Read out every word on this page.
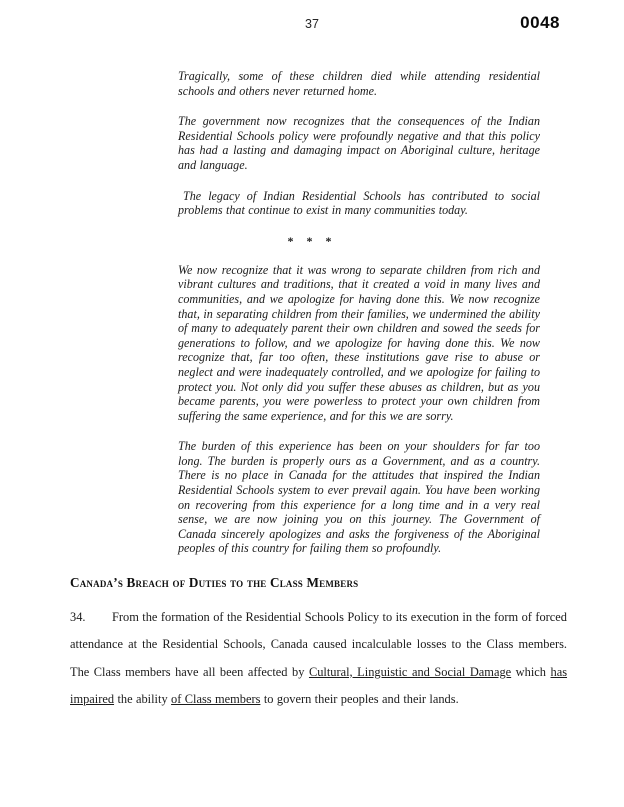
37	0048

Tragically, some of these children died while attending residential schools and others never returned home.

The government now recognizes that the consequences of the Indian Residential Schools policy were profoundly negative and that this policy has had a lasting and damaging impact on Aboriginal culture, heritage and language.

The legacy of Indian Residential Schools has contributed to social problems that continue to exist in many communities today.

* * *

We now recognize that it was wrong to separate children from rich and vibrant cultures and traditions, that it created a void in many lives and communities, and we apologize for having done this. We now recognize that, in separating children from their families, we undermined the ability of many to adequately parent their own children and sowed the seeds for generations to follow, and we apologize for having done this. We now recognize that, far too often, these institutions gave rise to abuse or neglect and were inadequately controlled, and we apologize for failing to protect you. Not only did you suffer these abuses as children, but as you became parents, you were powerless to protect your own children from suffering the same experience, and for this we are sorry.

The burden of this experience has been on your shoulders for far too long. The burden is properly ours as a Government, and as a country. There is no place in Canada for the attitudes that inspired the Indian Residential Schools system to ever prevail again. You have been working on recovering from this experience for a long time and in a very real sense, we are now joining you on this journey. The Government of Canada sincerely apologizes and asks the forgiveness of the Aboriginal peoples of this country for failing them so profoundly.

Canada’s Breach of Duties to the Class Members

34. From the formation of the Residential Schools Policy to its execution in the form of forced attendance at the Residential Schools, Canada caused incalculable losses to the Class members. The Class members have all been affected by Cultural, Linguistic and Social Damage which has impaired the ability of Class members to govern their peoples and their lands.
